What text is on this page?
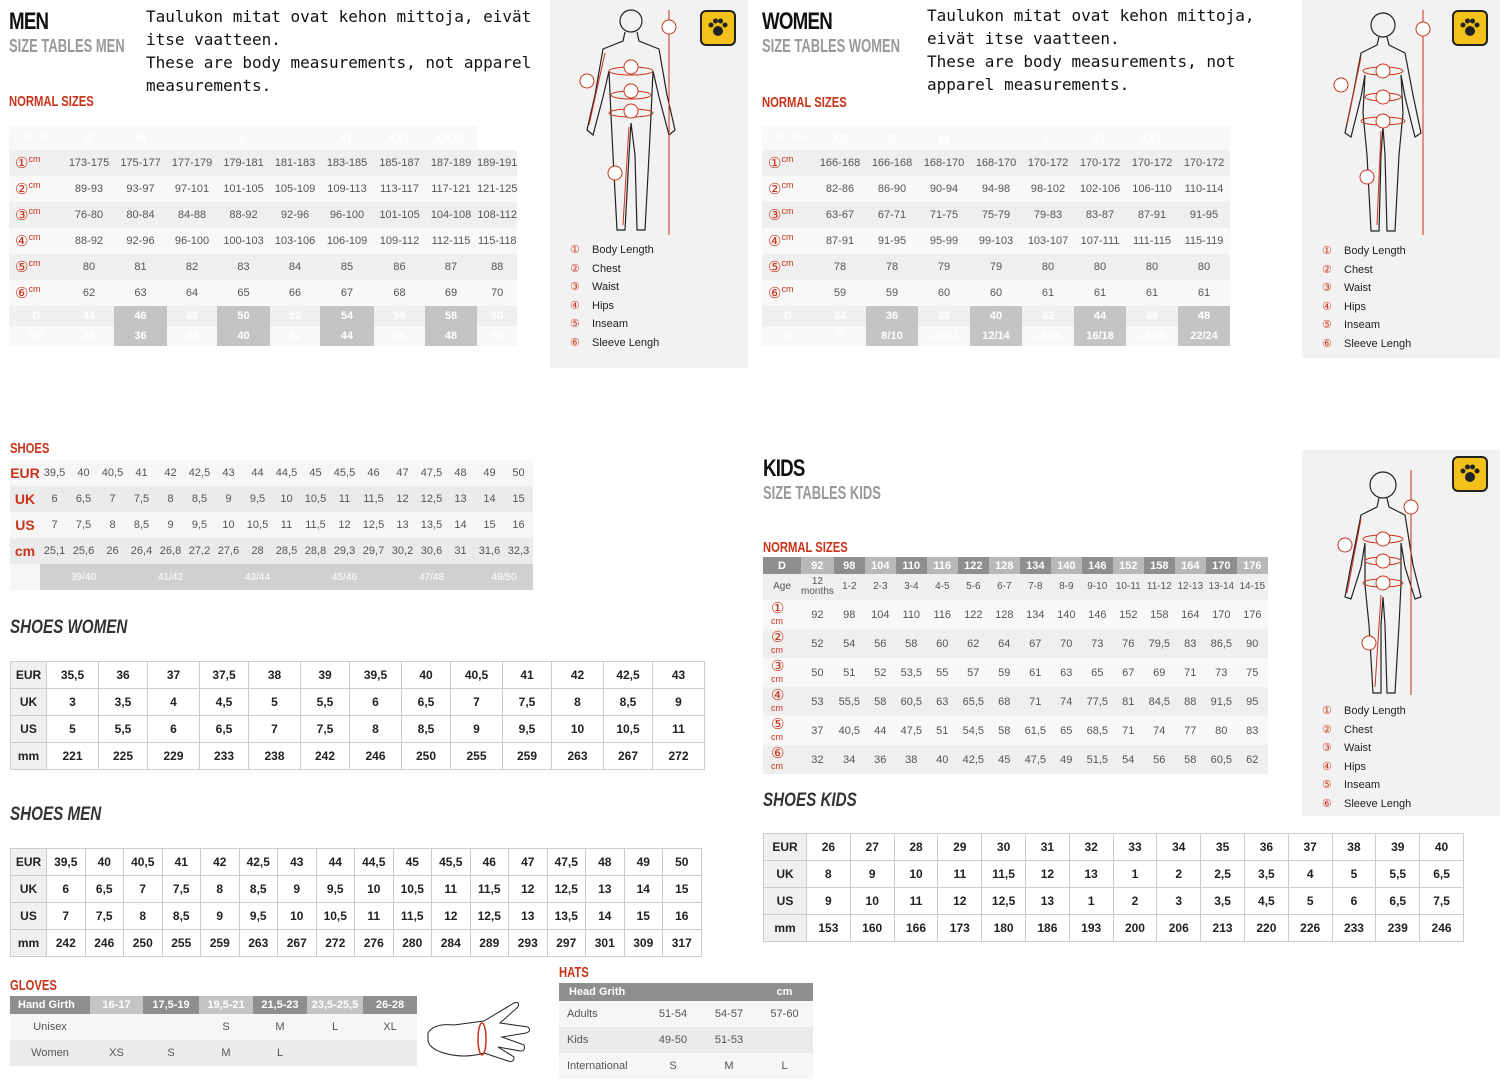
MEN
SIZE TABLES MEN
Taulukon mitat ovat kehon mittoja, eivät itse vaatteen.
These are body measurements, not apparel measurements.
NORMAL SIZES
EU/US/UK	S	M		L		XL	XXL	XXXL	
①$^{cm}$	173-175	175-177	177-179	179-181	181-183	183-185	185-187	187-189	189-191
②$^{cm}$	89-93	93-97	97-101	101-105	105-109	109-113	113-117	117-121	121-125
③$^{cm}$	76-80	80-84	84-88	88-92	92-96	96-100	101-105	104-108	108-112
④$^{cm}$	88-92	92-96	96-100	100-103	103-106	106-109	109-112	112-115	115-118
⑤$^{cm}$	80	81	82	83	84	85	86	87	88
⑥$^{cm}$	62	63	64	65	66	67	68	69	70
D	44	46	48	50	52	54	56	58	60
UK	34	36	38	40	42	44	46	48	50
① Body Length
② Chest
③ Waist
④ Hips
⑤ Inseam
⑥ Sleeve Lengh
WOMEN
SIZE TABLES WOMEN
Taulukon mitat ovat kehon mittoja, eivät itse vaatteen.
These are body measurements, not apparel measurements.
NORMAL SIZES
EU/US/UK	XS	S	M		L	XL	XXL		
①$^{cm}$	166-168	166-168	168-170	168-170	170-172	170-172	170-172	170-172	
②$^{cm}$	82-86	86-90	90-94	94-98	98-102	102-106	106-110	110-114	
③$^{cm}$	63-67	67-71	71-75	75-79	79-83	83-87	87-91	91-95	
④$^{cm}$	87-91	91-95	95-99	99-103	103-107	107-111	111-115	115-119	
⑤$^{cm}$	78	78	79	79	80	80	80	80	
⑥$^{cm}$	59	59	60	60	61	61	61	61	
D	34	36	38	40	42	44	46	48	
UK	8	8/10	10/12	12/14	14/16	16/18	18/20	22/24	
① Body Length
② Chest
③ Waist
④ Hips
⑤ Inseam
⑥ Sleeve Lengh
SHOES
EUR	39,5	40	40,5	41	42	42,5	43	44	44,5	45	45,5	46	47	47,5	48	49	50
UK	6	6,5	7	7,5	8	8,5	9	9,5	10	10,5	11	11,5	12	12,5	13	14	15
US	7	7,5	8	8,5	9	9,5	10	10,5	11	11,5	12	12,5	13	13,5	14	15	16
cm	25,1	25,6	26	26,4	26,8	27,2	27,6	28	28,5	28,8	29,3	29,7	30,2	30,6	31	31,6	32,3
	39/40			41/42			43/44			45/46			47/48			49/50	
SHOES WOMEN
EUR	35,5	36	37	37,5	38	39	39,5	40	40,5	41	42	42,5	43
UK	3	3,5	4	4,5	5	5,5	6	6,5	7	7,5	8	8,5	9
US	5	5,5	6	6,5	7	7,5	8	8,5	9	9,5	10	10,5	11
mm	221	225	229	233	238	242	246	250	255	259	263	267	272
SHOES MEN
EUR	39,5	40	40,5	41	42	42,5	43	44	44,5	45	45,5	46	47	47,5	48	49	50
UK	6	6,5	7	7,5	8	8,5	9	9,5	10	10,5	11	11,5	12	12,5	13	14	15
US	7	7,5	8	8,5	9	9,5	10	10,5	11	11,5	12	12,5	13	13,5	14	15	16
mm	242	246	250	255	259	263	267	272	276	280	284	289	293	297	301	309	317
GLOVES
Hand Girth	16-17	17,5-19	19,5-21	21,5-23	23,5-25,5	26-28
Unisex			S	M	L	XL
Women	XS	S	M	L		
HATS
Head Grith			cm
Adults	51-54	54-57	57-60
Kids	49-50	51-53	
International	S	M	L
KIDS
SIZE TABLES KIDS
NORMAL SIZES
D	92	98	104	110	116	122	128	134	140	146	152	158	164	170	176
Age	12 months	1-2	2-3	3-4	4-5	5-6	6-7	7-8	8-9	9-10	10-11	11-12	12-13	13-14	14-15
①
$^{cm}$	92	98	104	110	116	122	128	134	140	146	152	158	164	170	176
②
$^{cm}$	52	54	56	58	60	62	64	67	70	73	76	79,5	83	86,5	90
③
$^{cm}$	50	51	52	53,5	55	57	59	61	63	65	67	69	71	73	75
④
$^{cm}$	53	55,5	58	60,5	63	65,5	68	71	74	77,5	81	84,5	88	91,5	95
⑤
$^{cm}$	37	40,5	44	47,5	51	54,5	58	61,5	65	68,5	71	74	77	80	83
⑥
$^{cm}$	32	34	36	38	40	42,5	45	47,5	49	51,5	54	56	58	60,5	62
① Body Length
② Chest
③ Waist
④ Hips
⑤ Inseam
⑥ Sleeve Lengh
SHOES KIDS
EUR	26	27	28	29	30	31	32	33	34	35	36	37	38	39	40
UK	8	9	10	11	11,5	12	13	1	2	2,5	3,5	4	5	5,5	6,5
US	9	10	11	12	12,5	13	1	2	3	3,5	4,5	5	6	6,5	7,5
mm	153	160	166	173	180	186	193	200	206	213	220	226	233	239	246
